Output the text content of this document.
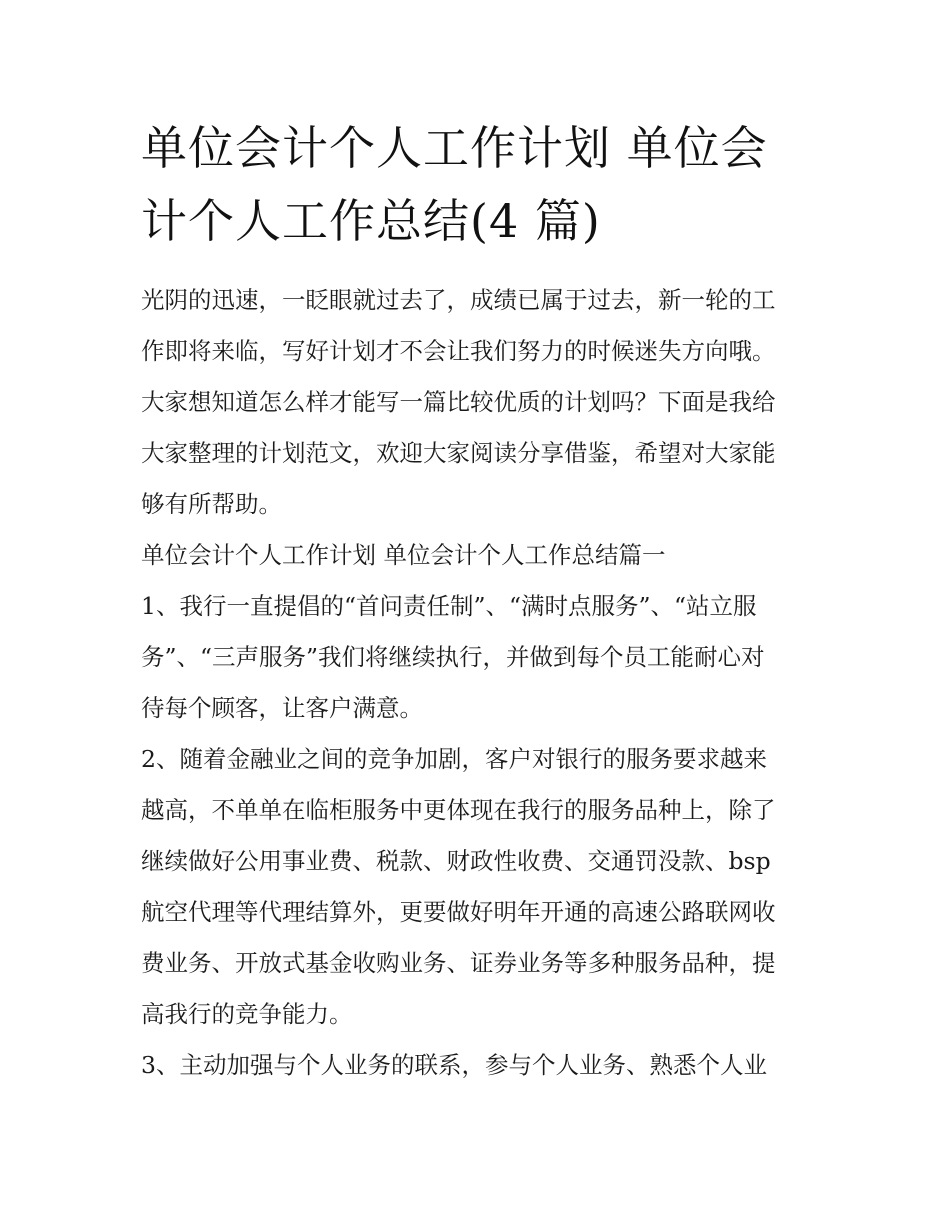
单位会计个人工作计划 单位会
计个人工作总结(4 篇)

光阴的迅速，一眨眼就过去了，成绩已属于过去，新一轮的工
作即将来临，写好计划才不会让我们努力的时候迷失方向哦。
大家想知道怎么样才能写一篇比较优质的计划吗？下面是我给
大家整理的计划范文，欢迎大家阅读分享借鉴，希望对大家能
够有所帮助。

单位会计个人工作计划 单位会计个人工作总结篇一

1、我行一直提倡的“首问责任制”、“满时点服务”、“站立服
务”、“三声服务”我们将继续执行，并做到每个员工能耐心对
待每个顾客，让客户满意。

2、随着金融业之间的竞争加剧，客户对银行的服务要求越来
越高，不单单在临柜服务中更体现在我行的服务品种上，除了
继续做好公用事业费、税款、财政性收费、交通罚没款、bsp
航空代理等代理结算外，更要做好明年开通的高速公路联网收
费业务、开放式基金收购业务、证券业务等多种服务品种，提
高我行的竞争能力。

3、主动加强与个人业务的联系，参与个人业务、熟悉个人业
